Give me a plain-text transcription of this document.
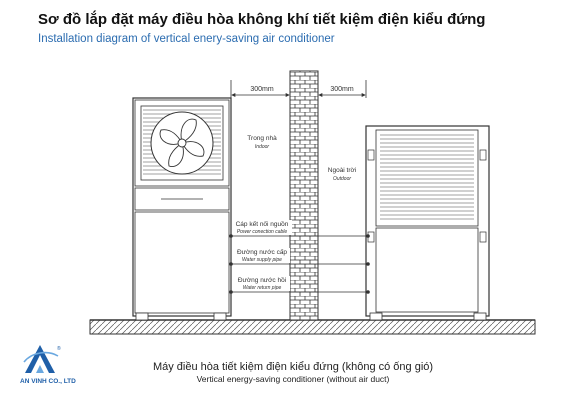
Sơ đồ lắp đặt máy điều hòa không khí tiết kiệm điện kiểu đứng
Installation diagram of vertical enery-saving air conditioner
300mm	300mm
Trong nhà
Indoor
Ngoài trời
Outdoor
Cáp kết nối nguồn
Power conection cable
Đường nước cấp
Water supply pipe
Đường nước hồi
Water return pipe
®
Máy điều hòa tiết kiệm điện kiểu đứng (không có ống gió)
Vertical energy-saving conditioner (without air duct)
AN VINH CO., LTD
